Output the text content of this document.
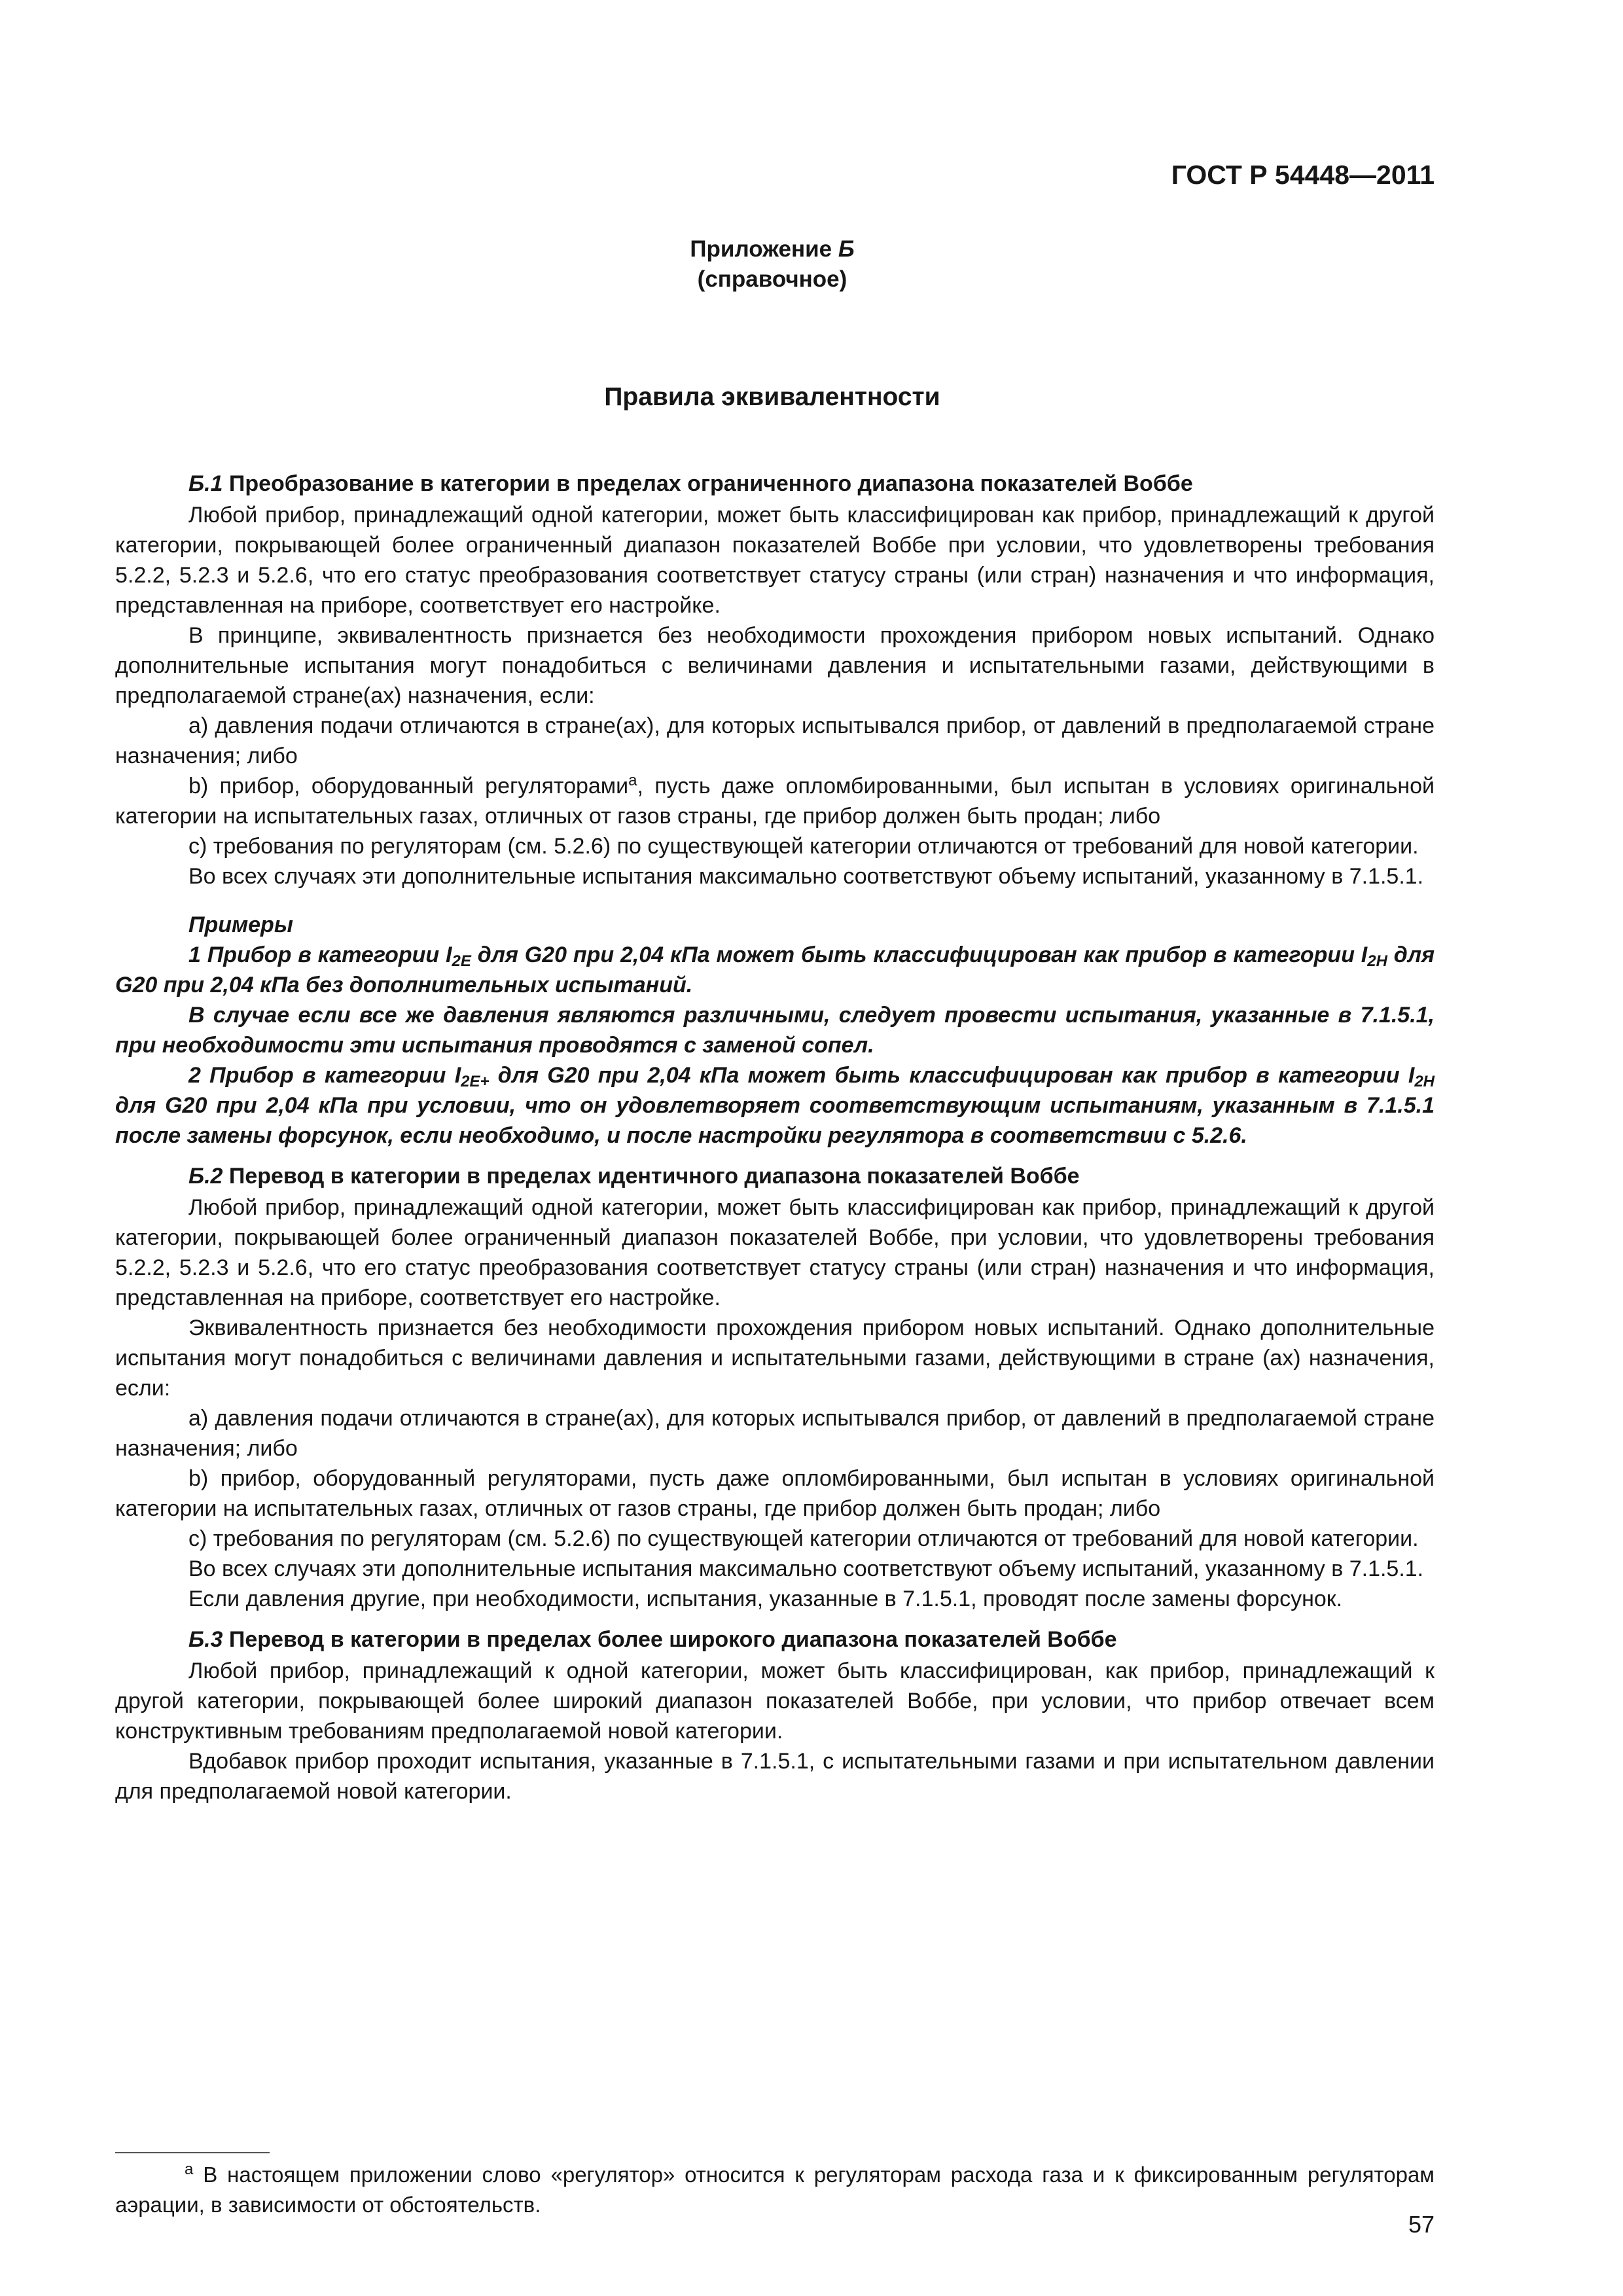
ГОСТ Р 54448—2011
Приложение Б
(справочное)
Правила эквивалентности
Б.1 Преобразование в категории в пределах ограниченного диапазона показателей Воббе

Любой прибор, принадлежащий одной категории, может быть классифицирован как прибор, принадлежащий к другой категории, покрывающей более ограниченный диапазон показателей Воббе при условии, что удовлетворены требования 5.2.2, 5.2.3 и 5.2.6, что его статус преобразования соответствует статусу страны (или стран) назначения и что информация, представленная на приборе, соответствует его настройке.

В принципе, эквивалентность признается без необходимости прохождения прибором новых испытаний. Однако дополнительные испытания могут понадобиться с величинами давления и испытательными газами, действующими в предполагаемой стране(ах) назначения, если:

а) давления подачи отличаются в стране(ах), для которых испытывался прибор, от давлений в предполагаемой стране назначения; либо

b) прибор, оборудованный регуляторами$^a$, пусть даже опломбированными, был испытан в условиях оригинальной категории на испытательных газах, отличных от газов страны, где прибор должен быть продан; либо

с) требования по регуляторам (см. 5.2.6) по существующей категории отличаются от требований для новой категории.

Во всех случаях эти дополнительные испытания максимально соответствуют объему испытаний, указанному в 7.1.5.1.

Примеры

1 Прибор в категории $I_{2E}$ для G20 при 2,04 кПа может быть классифицирован как прибор в категории $I_{2H}$ для G20 при 2,04 кПа без дополнительных испытаний.

В случае если все же давления являются различными, следует провести испытания, указанные в 7.1.5.1, при необходимости эти испытания проводятся с заменой сопел.

2 Прибор в категории $I_{2E+}$ для G20 при 2,04 кПа может быть классифицирован как прибор в категории $I_{2H}$ для G20 при 2,04 кПа при условии, что он удовлетворяет соответствующим испытаниям, указанным в 7.1.5.1 после замены форсунок, если необходимо, и после настройки регулятора в соответствии с 5.2.6.

Б.2 Перевод в категории в пределах идентичного диапазона показателей Воббе

Любой прибор, принадлежащий одной категории, может быть классифицирован как прибор, принадлежащий к другой категории, покрывающей более ограниченный диапазон показателей Воббе, при условии, что удовлетворены требования 5.2.2, 5.2.3 и 5.2.6, что его статус преобразования соответствует статусу страны (или стран) назначения и что информация, представленная на приборе, соответствует его настройке.

Эквивалентность признается без необходимости прохождения прибором новых испытаний. Однако дополнительные испытания могут понадобиться с величинами давления и испытательными газами, действующими в стране (ах) назначения, если:

а) давления подачи отличаются в стране(ах), для которых испытывался прибор, от давлений в предполагаемой стране назначения; либо

b) прибор, оборудованный регуляторами, пусть даже опломбированными, был испытан в условиях оригинальной категории на испытательных газах, отличных от газов страны, где прибор должен быть продан; либо

с) требования по регуляторам (см. 5.2.6) по существующей категории отличаются от требований для новой категории.

Во всех случаях эти дополнительные испытания максимально соответствуют объему испытаний, указанному в 7.1.5.1.

Если давления другие, при необходимости, испытания, указанные в 7.1.5.1, проводят после замены форсунок.

Б.3 Перевод в категории в пределах более широкого диапазона показателей Воббе

Любой прибор, принадлежащий к одной категории, может быть классифицирован, как прибор, принадлежащий к другой категории, покрывающей более широкий диапазон показателей Воббе, при условии, что прибор отвечает всем конструктивным требованиям предполагаемой новой категории.

Вдобавок прибор проходит испытания, указанные в 7.1.5.1, с испытательными газами и при испытательном давлении для предполагаемой новой категории.

$^a$ В настоящем приложении слово «регулятор» относится к регуляторам расхода газа и к фиксированным регуляторам аэрации, в зависимости от обстоятельств.
57
